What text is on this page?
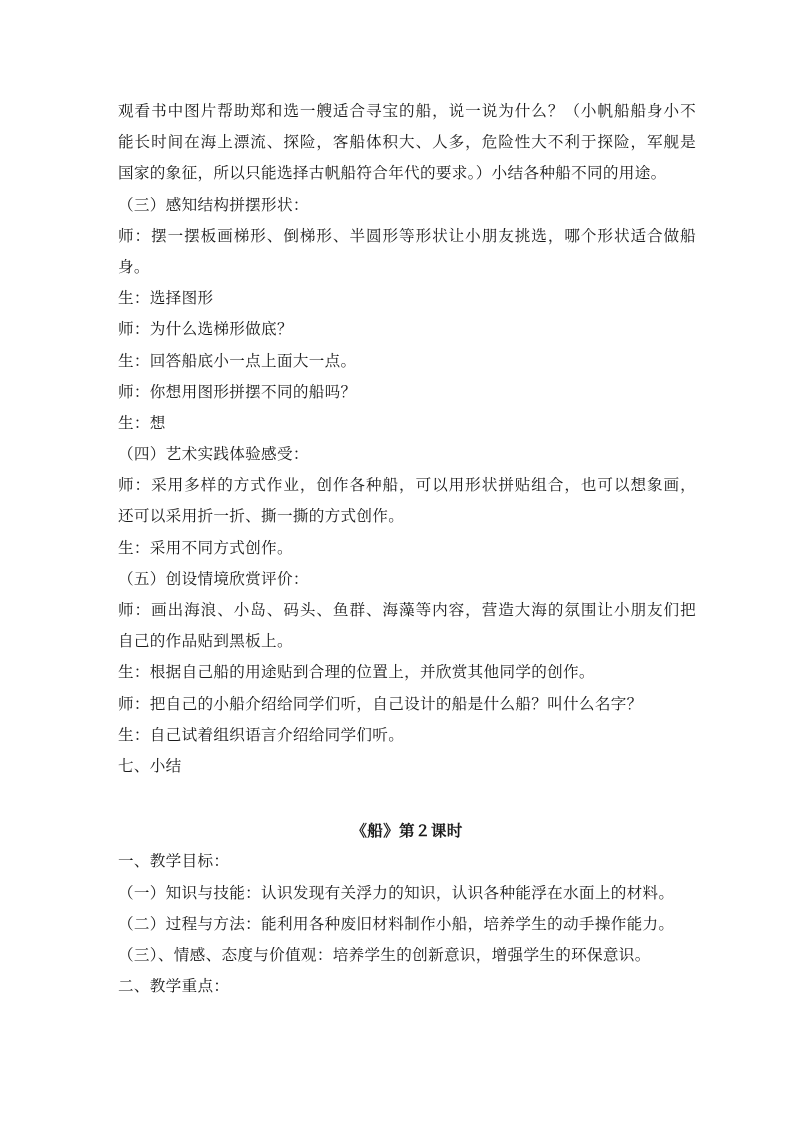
观看书中图片帮助郑和选一艘适合寻宝的船，说一说为什么？（小帆船船身小不
能长时间在海上漂流、探险，客船体积大、人多，危险性大不利于探险，军舰是
国家的象征，所以只能选择古帆船符合年代的要求。）小结各种船不同的用途。
（三）感知结构拼摆形状：
师：摆一摆板画梯形、倒梯形、半圆形等形状让小朋友挑选，哪个形状适合做船
身。
生：选择图形
师：为什么选梯形做底？
生：回答船底小一点上面大一点。
师：你想用图形拼摆不同的船吗？
生：想
（四）艺术实践体验感受：
师：采用多样的方式作业，创作各种船，可以用形状拼贴组合，也可以想象画，
还可以采用折一折、撕一撕的方式创作。
生：采用不同方式创作。
（五）创设情境欣赏评价：
师：画出海浪、小岛、码头、鱼群、海藻等内容，营造大海的氛围让小朋友们把
自己的作品贴到黑板上。
生：根据自己船的用途贴到合理的位置上，并欣赏其他同学的创作。
师：把自己的小船介绍给同学们听，自己设计的船是什么船？叫什么名字？
生：自己试着组织语言介绍给同学们听。
七、小结
《船》第２课时
一、教学目标：
（一）知识与技能：认识发现有关浮力的知识，认识各种能浮在水面上的材料。
（二）过程与方法：能利用各种废旧材料制作小船，培养学生的动手操作能力。
（三）、情感、态度与价值观：培养学生的创新意识，增强学生的环保意识。
二、教学重点：
